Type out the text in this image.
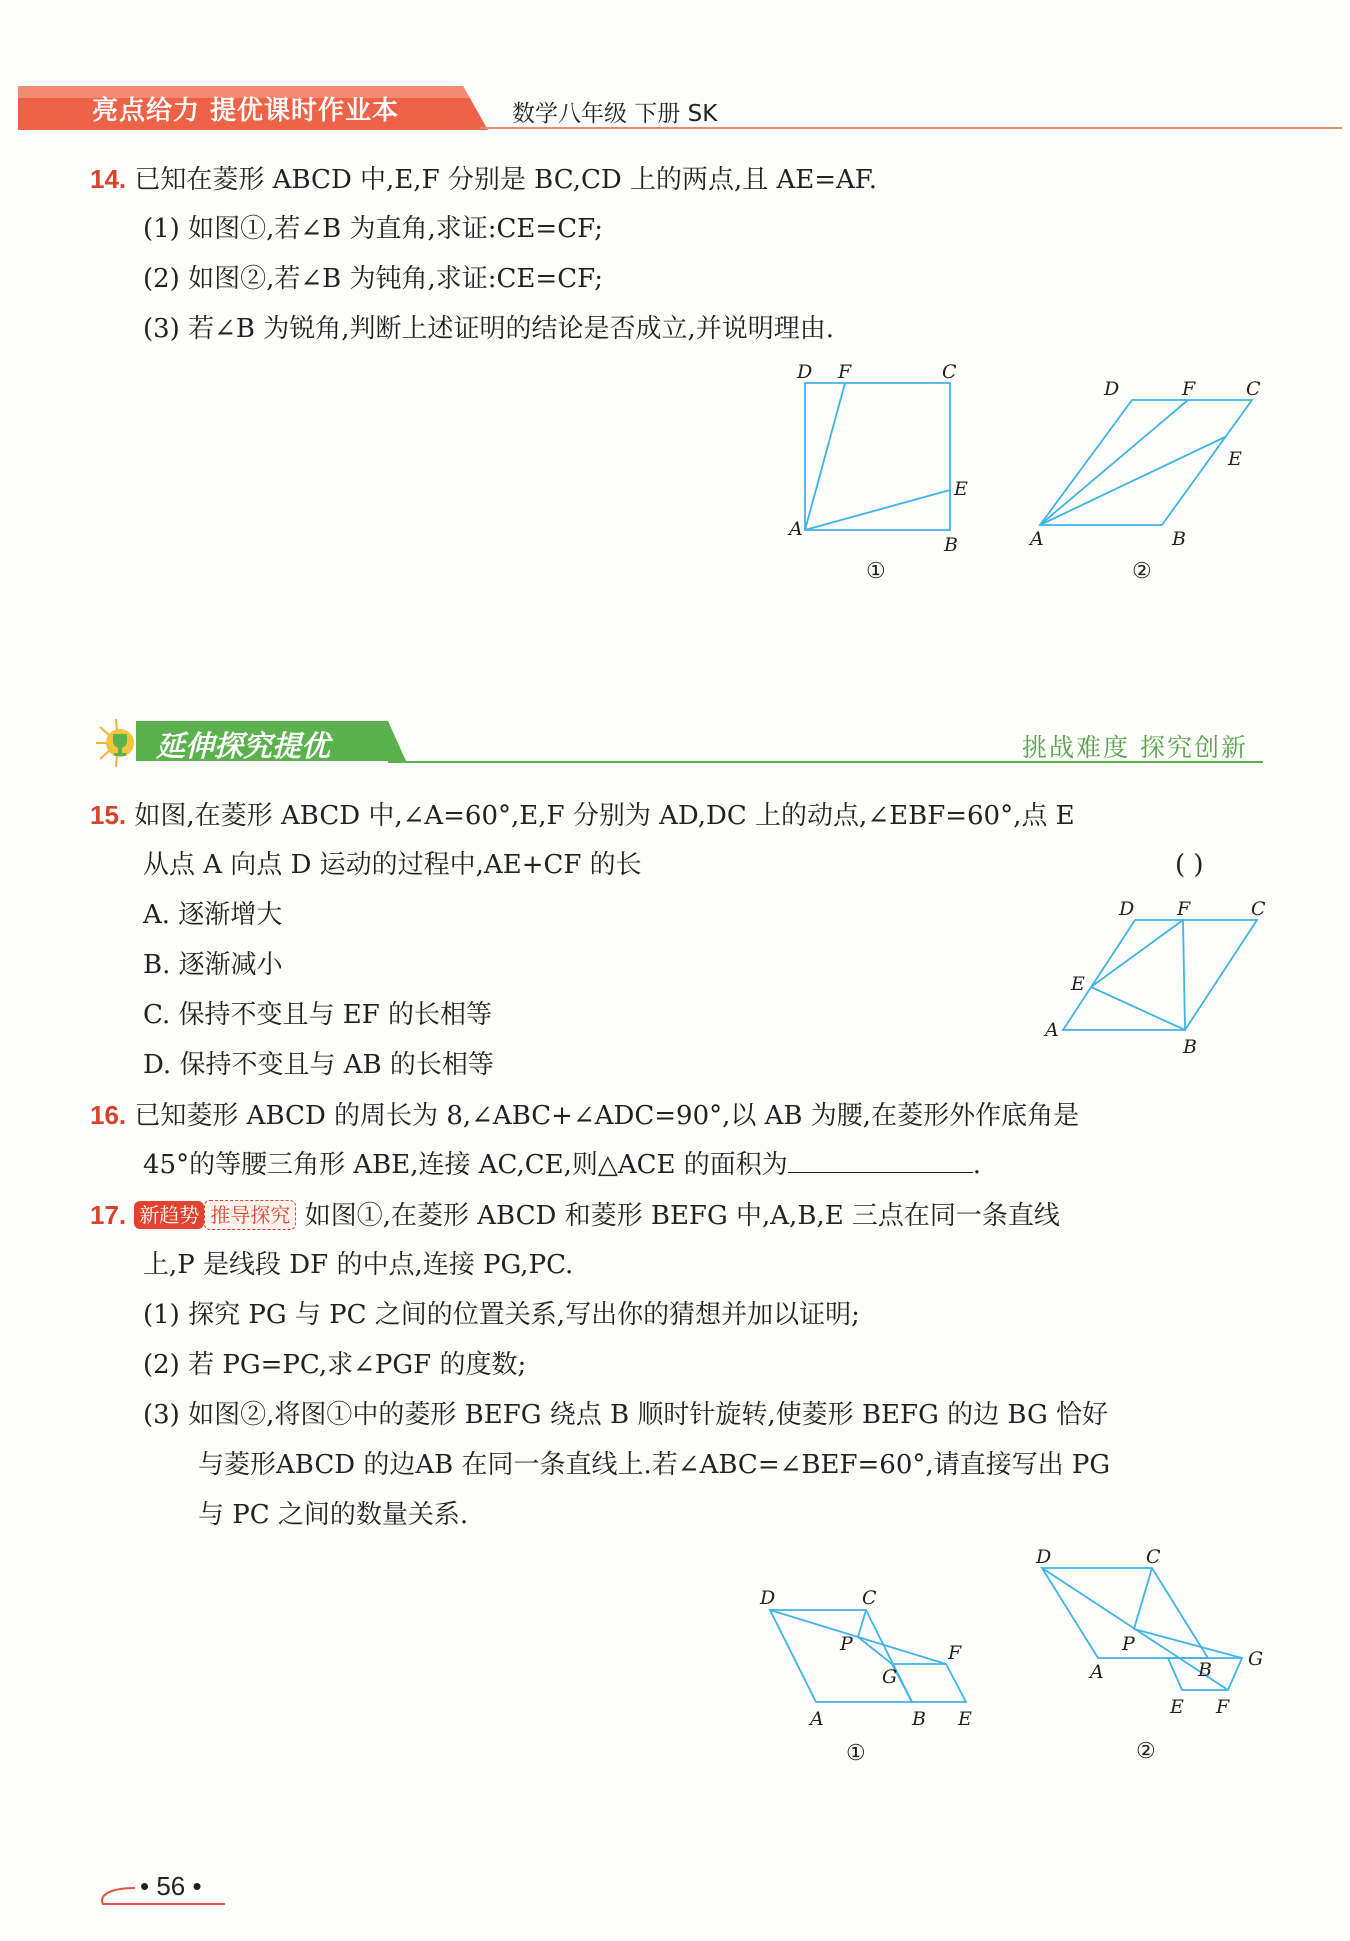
亮点给力 提优课时作业本	数学八年级 下册 SK
14. 已知在菱形 ABCD 中,E,F 分别是 BC,CD 上的两点,且 AE=AF.
(1) 如图①,若∠B 为直角,求证:CE=CF;
(2) 如图②,若∠B 为钝角,求证:CE=CF;
(3) 若∠B 为锐角,判断上述证明的结论是否成立,并说明理由.
D F	C
E
A
B
①
D	F	C
E
A	B
②
延伸探究提优	挑战难度 探究创新
15. 如图,在菱形 ABCD 中,∠A=60°,E,F 分别为 AD,DC 上的动点,∠EBF=60°,点 E
从点 A 向点 D 运动的过程中,AE+CF 的长	( )
A. 逐渐增大
B. 逐渐减小
C. 保持不变且与 EF 的长相等
D. 保持不变且与 AB 的长相等
D F	C
E
A
B
16. 已知菱形 ABCD 的周长为 8,∠ABC+∠ADC=90°,以 AB 为腰,在菱形外作底角是
45°的等腰三角形 ABE,连接 AC,CE,则△ACE 的面积为	.
17. 新趋势 推导探究 如图①,在菱形 ABCD 和菱形 BEFG 中,A,B,E 三点在同一条直线
上,P 是线段 DF 的中点,连接 PG,PC.
(1) 探究 PG 与 PC 之间的位置关系,写出你的猜想并加以证明;
(2) 若 PG=PC,求∠PGF 的度数;
(3) 如图②,将图①中的菱形 BEFG 绕点 B 顺时针旋转,使菱形 BEFG 的边 BG 恰好
与菱形ABCD 的边AB 在同一条直线上.若∠ABC=∠BEF=60°,请直接写出 PG
与 PC 之间的数量关系.
D	C
P	F
G
A	B E
①
D	C
P
G
A	B
E F
②
• 56 •
